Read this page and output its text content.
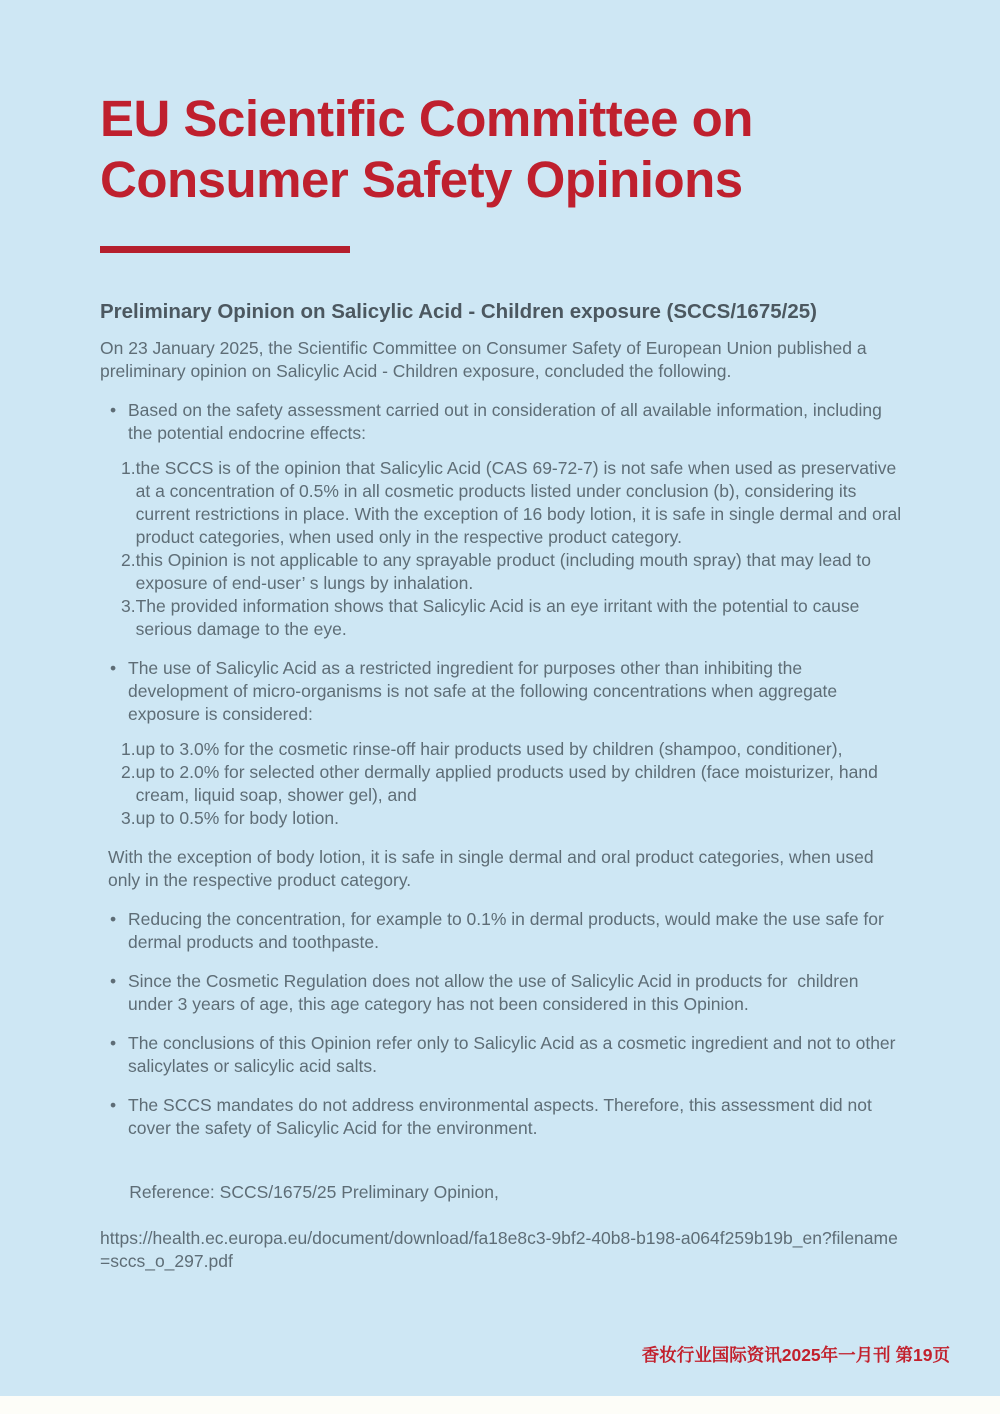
EU Scientific Committee on
Consumer Safety Opinions
Preliminary Opinion on Salicylic Acid - Children exposure (SCCS/1675/25)

On 23 January 2025, the Scientific Committee on Consumer Safety of European Union published a preliminary opinion on Salicylic Acid - Children exposure, concluded the following.

• Based on the safety assessment carried out in consideration of all available information, including the potential endocrine effects:

1. the SCCS is of the opinion that Salicylic Acid (CAS 69-72-7) is not safe when used as preservative at a concentration of 0.5% in all cosmetic products listed under conclusion (b), considering its current restrictions in place. With the exception of 16 body lotion, it is safe in single dermal and oral product categories, when used only in the respective product category.

2. this Opinion is not applicable to any sprayable product (including mouth spray) that may lead to exposure of end-user’ s lungs by inhalation.

3. The provided information shows that Salicylic Acid is an eye irritant with the potential to cause serious damage to the eye.

• The use of Salicylic Acid as a restricted ingredient for purposes other than inhibiting the development of micro-organisms is not safe at the following concentrations when aggregate exposure is considered:

1. up to 3.0% for the cosmetic rinse-off hair products used by children (shampoo, conditioner),

2. up to 2.0% for selected other dermally applied products used by children (face moisturizer, hand cream, liquid soap, shower gel), and

3. up to 0.5% for body lotion.

With the exception of body lotion, it is safe in single dermal and oral product categories, when used only in the respective product category.

• Reducing the concentration, for example to 0.1% in dermal products, would make the use safe for dermal products and toothpaste.

• Since the Cosmetic Regulation does not allow the use of Salicylic Acid in products for  children under 3 years of age, this age category has not been considered in this Opinion.

• The conclusions of this Opinion refer only to Salicylic Acid as a cosmetic ingredient and not to other salicylates or salicylic acid salts.

• The SCCS mandates do not address environmental aspects. Therefore, this assessment did not cover the safety of Salicylic Acid for the environment.

Reference: SCCS/1675/25 Preliminary Opinion,

https://health.ec.europa.eu/document/download/fa18e8c3-9bf2-40b8-b198-a064f259b19b_en?filename=sccs_o_297.pdf

香妆行业国际资讯2025年一月刊 第19页
